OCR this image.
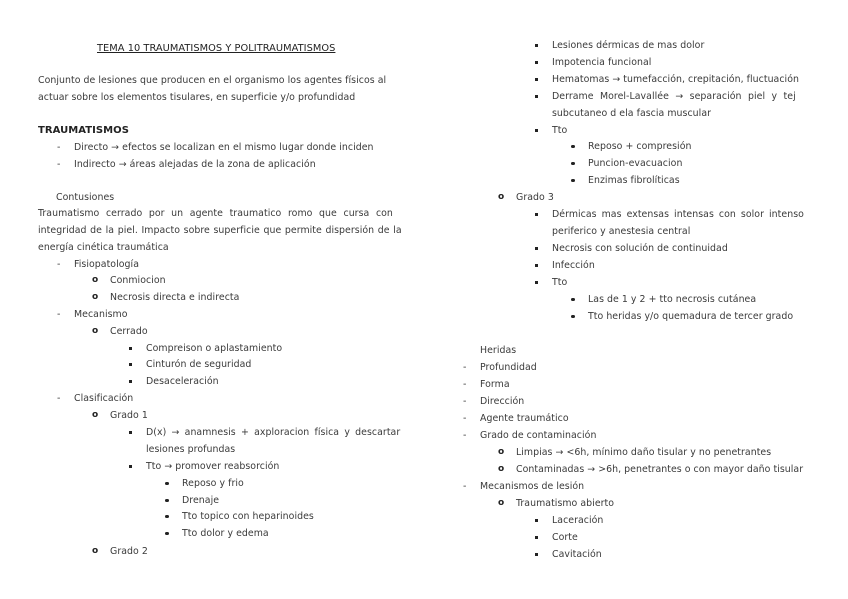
TEMA 10 TRAUMATISMOS Y POLITRAUMATISMOS
Conjunto de lesiones que producen en el organismo los agentes físicos al
actuar sobre los elementos tisulares, en superficie y/o profundidad
TRAUMATISMOS
- Directo → efectos se localizan en el mismo lugar donde inciden
- Indirecto → áreas alejadas de la zona de aplicación
Contusiones
Traumatismo cerrado por un agente traumatico romo que cursa con
integridad de la piel. Impacto sobre superficie que permite dispersión de la
energía cinética traumática
- Fisiopatología
o Conmiocion
o Necrosis directa e indirecta
- Mecanismo
o Cerrado
Compreison o aplastamiento
Cinturón de seguridad
Desaceleración
- Clasificación
o Grado 1
D(x) → anamnesis + axploracion física y descartar
lesiones profundas
Tto → promover reabsorción
Reposo y frio
Drenaje
Tto topico con heparinoides
Tto dolor y edema
o Grado 2
Lesiones dérmicas de mas dolor
Impotencia funcional
Hematomas → tumefacción, crepitación, fluctuación
Derrame Morel-Lavallée → separación piel y tej
subcutaneo d ela fascia muscular
Tto
Reposo + compresión
Puncion-evacuacion
Enzimas fibrolíticas
o Grado 3
Dérmicas mas extensas intensas con solor intenso
periferico y anestesia central
Necrosis con solución de continuidad
Infección
Tto
Las de 1 y 2 + tto necrosis cutánea
Tto heridas y/o quemadura de tercer grado
Heridas
- Profundidad
- Forma
- Dirección
- Agente traumático
- Grado de contaminación
o Limpias → <6h, mínimo daño tisular y no penetrantes
o Contaminadas → >6h, penetrantes o con mayor daño tisular
- Mecanismos de lesión
o Traumatismo abierto
Laceración
Corte
Cavitación
